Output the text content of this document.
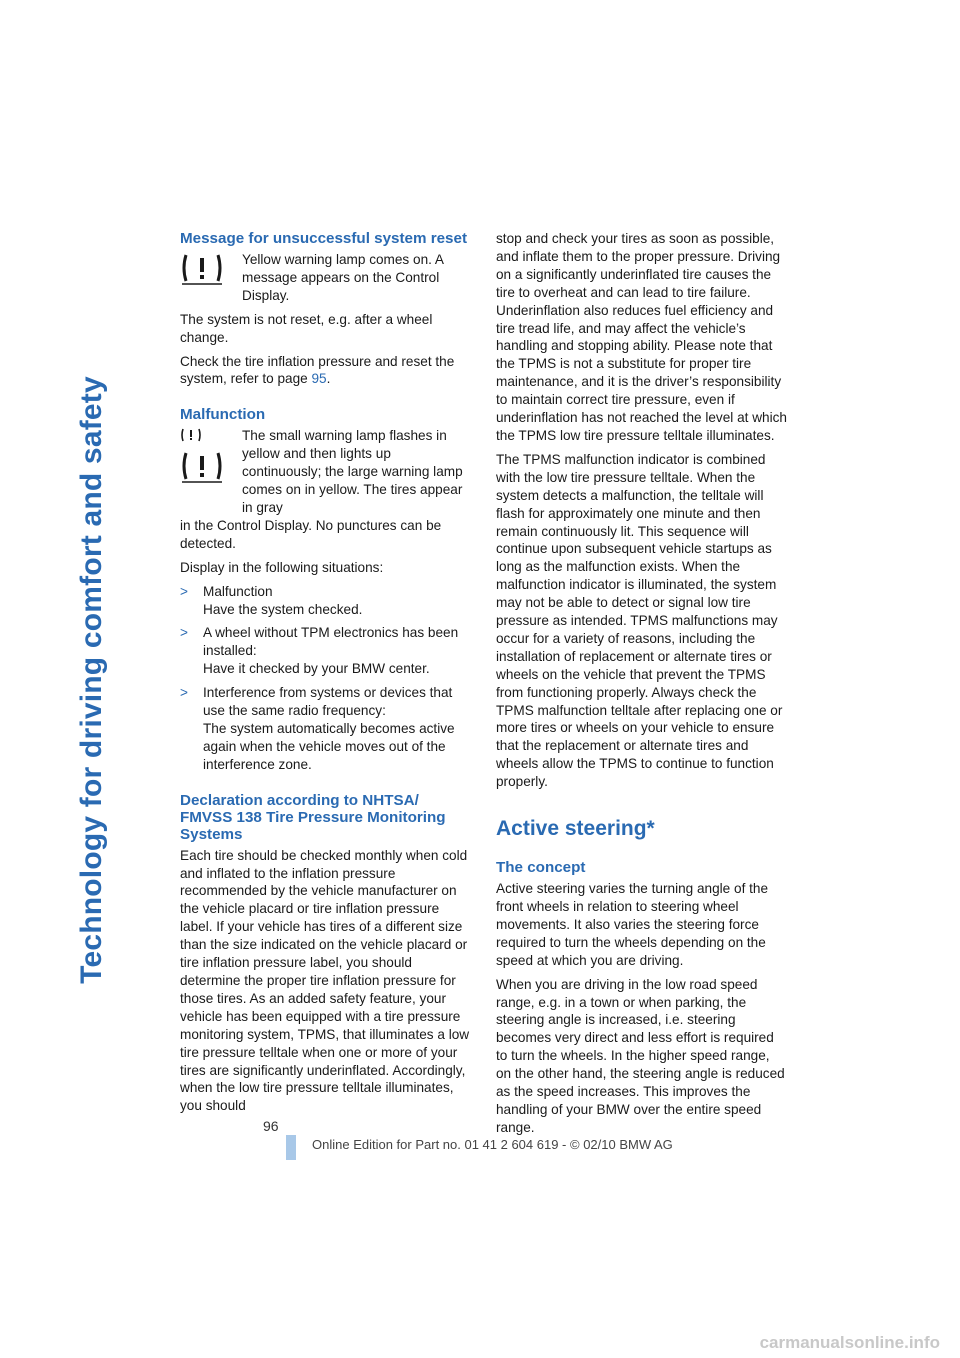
Technology for driving comfort and safety
Message for unsuccessful system reset
Yellow warning lamp comes on. A message appears on the Control Display.

The system is not reset, e.g. after a wheel change.

Check the tire inflation pressure and reset the system, refer to page 95.

Malfunction
The small warning lamp flashes in yellow and then lights up continuously; the large warning lamp comes on in yellow. The tires appear in gray

in the Control Display. No punctures can be detected.

Display in the following situations:

>	Malfunction
Have the system checked.
>	A wheel without TPM electronics has been installed:
Have it checked by your BMW center.
>	Interference from systems or devices that use the same radio frequency:
The system automatically becomes active again when the vehicle moves out of the interference zone.
Declaration according to NHTSA/ FMVSS 138 Tire Pressure Monitoring Systems

Each tire should be checked monthly when cold and inflated to the inflation pressure recommended by the vehicle manufacturer on the vehicle placard or tire inflation pressure label. If your vehicle has tires of a different size than the size indicated on the vehicle placard or tire inflation pressure label, you should determine the proper tire inflation pressure for those tires. As an added safety feature, your vehicle has been equipped with a tire pressure monitoring system, TPMS, that illuminates a low tire pressure telltale when one or more of your tires are significantly underinflated. Accordingly, when the low tire pressure telltale illuminates, you should

stop and check your tires as soon as possible, and inflate them to the proper pressure. Driving on a significantly underinflated tire causes the tire to overheat and can lead to tire failure. Underinflation also reduces fuel efficiency and tire tread life, and may affect the vehicle’s handling and stopping ability. Please note that the TPMS is not a substitute for proper tire maintenance, and it is the driver’s responsibility to maintain correct tire pressure, even if underinflation has not reached the level at which the TPMS low tire pressure telltale illuminates.

The TPMS malfunction indicator is combined with the low tire pressure telltale. When the system detects a malfunction, the telltale will flash for approximately one minute and then remain continuously lit. This sequence will continue upon subsequent vehicle startups as long as the malfunction exists. When the malfunction indicator is illuminated, the system may not be able to detect or signal low tire pressure as intended. TPMS malfunctions may occur for a variety of reasons, including the installation of replacement or alternate tires or wheels on the vehicle that prevent the TPMS from functioning properly. Always check the TPMS malfunction telltale after replacing one or more tires or wheels on your vehicle to ensure that the replacement or alternate tires and wheels allow the TPMS to continue to function properly.

Active steering*
The concept

Active steering varies the turning angle of the front wheels in relation to steering wheel movements. It also varies the steering force required to turn the wheels depending on the speed at which you are driving.

When you are driving in the low road speed range, e.g. in a town or when parking, the steering angle is increased, i.e. steering becomes very direct and less effort is required to turn the wheels. In the higher speed range, on the other hand, the steering angle is reduced as the speed increases. This improves the handling of your BMW over the entire speed range.

96
Online Edition for Part no. 01 41 2 604 619 - © 02/10 BMW AG
carmanualsonline.info
